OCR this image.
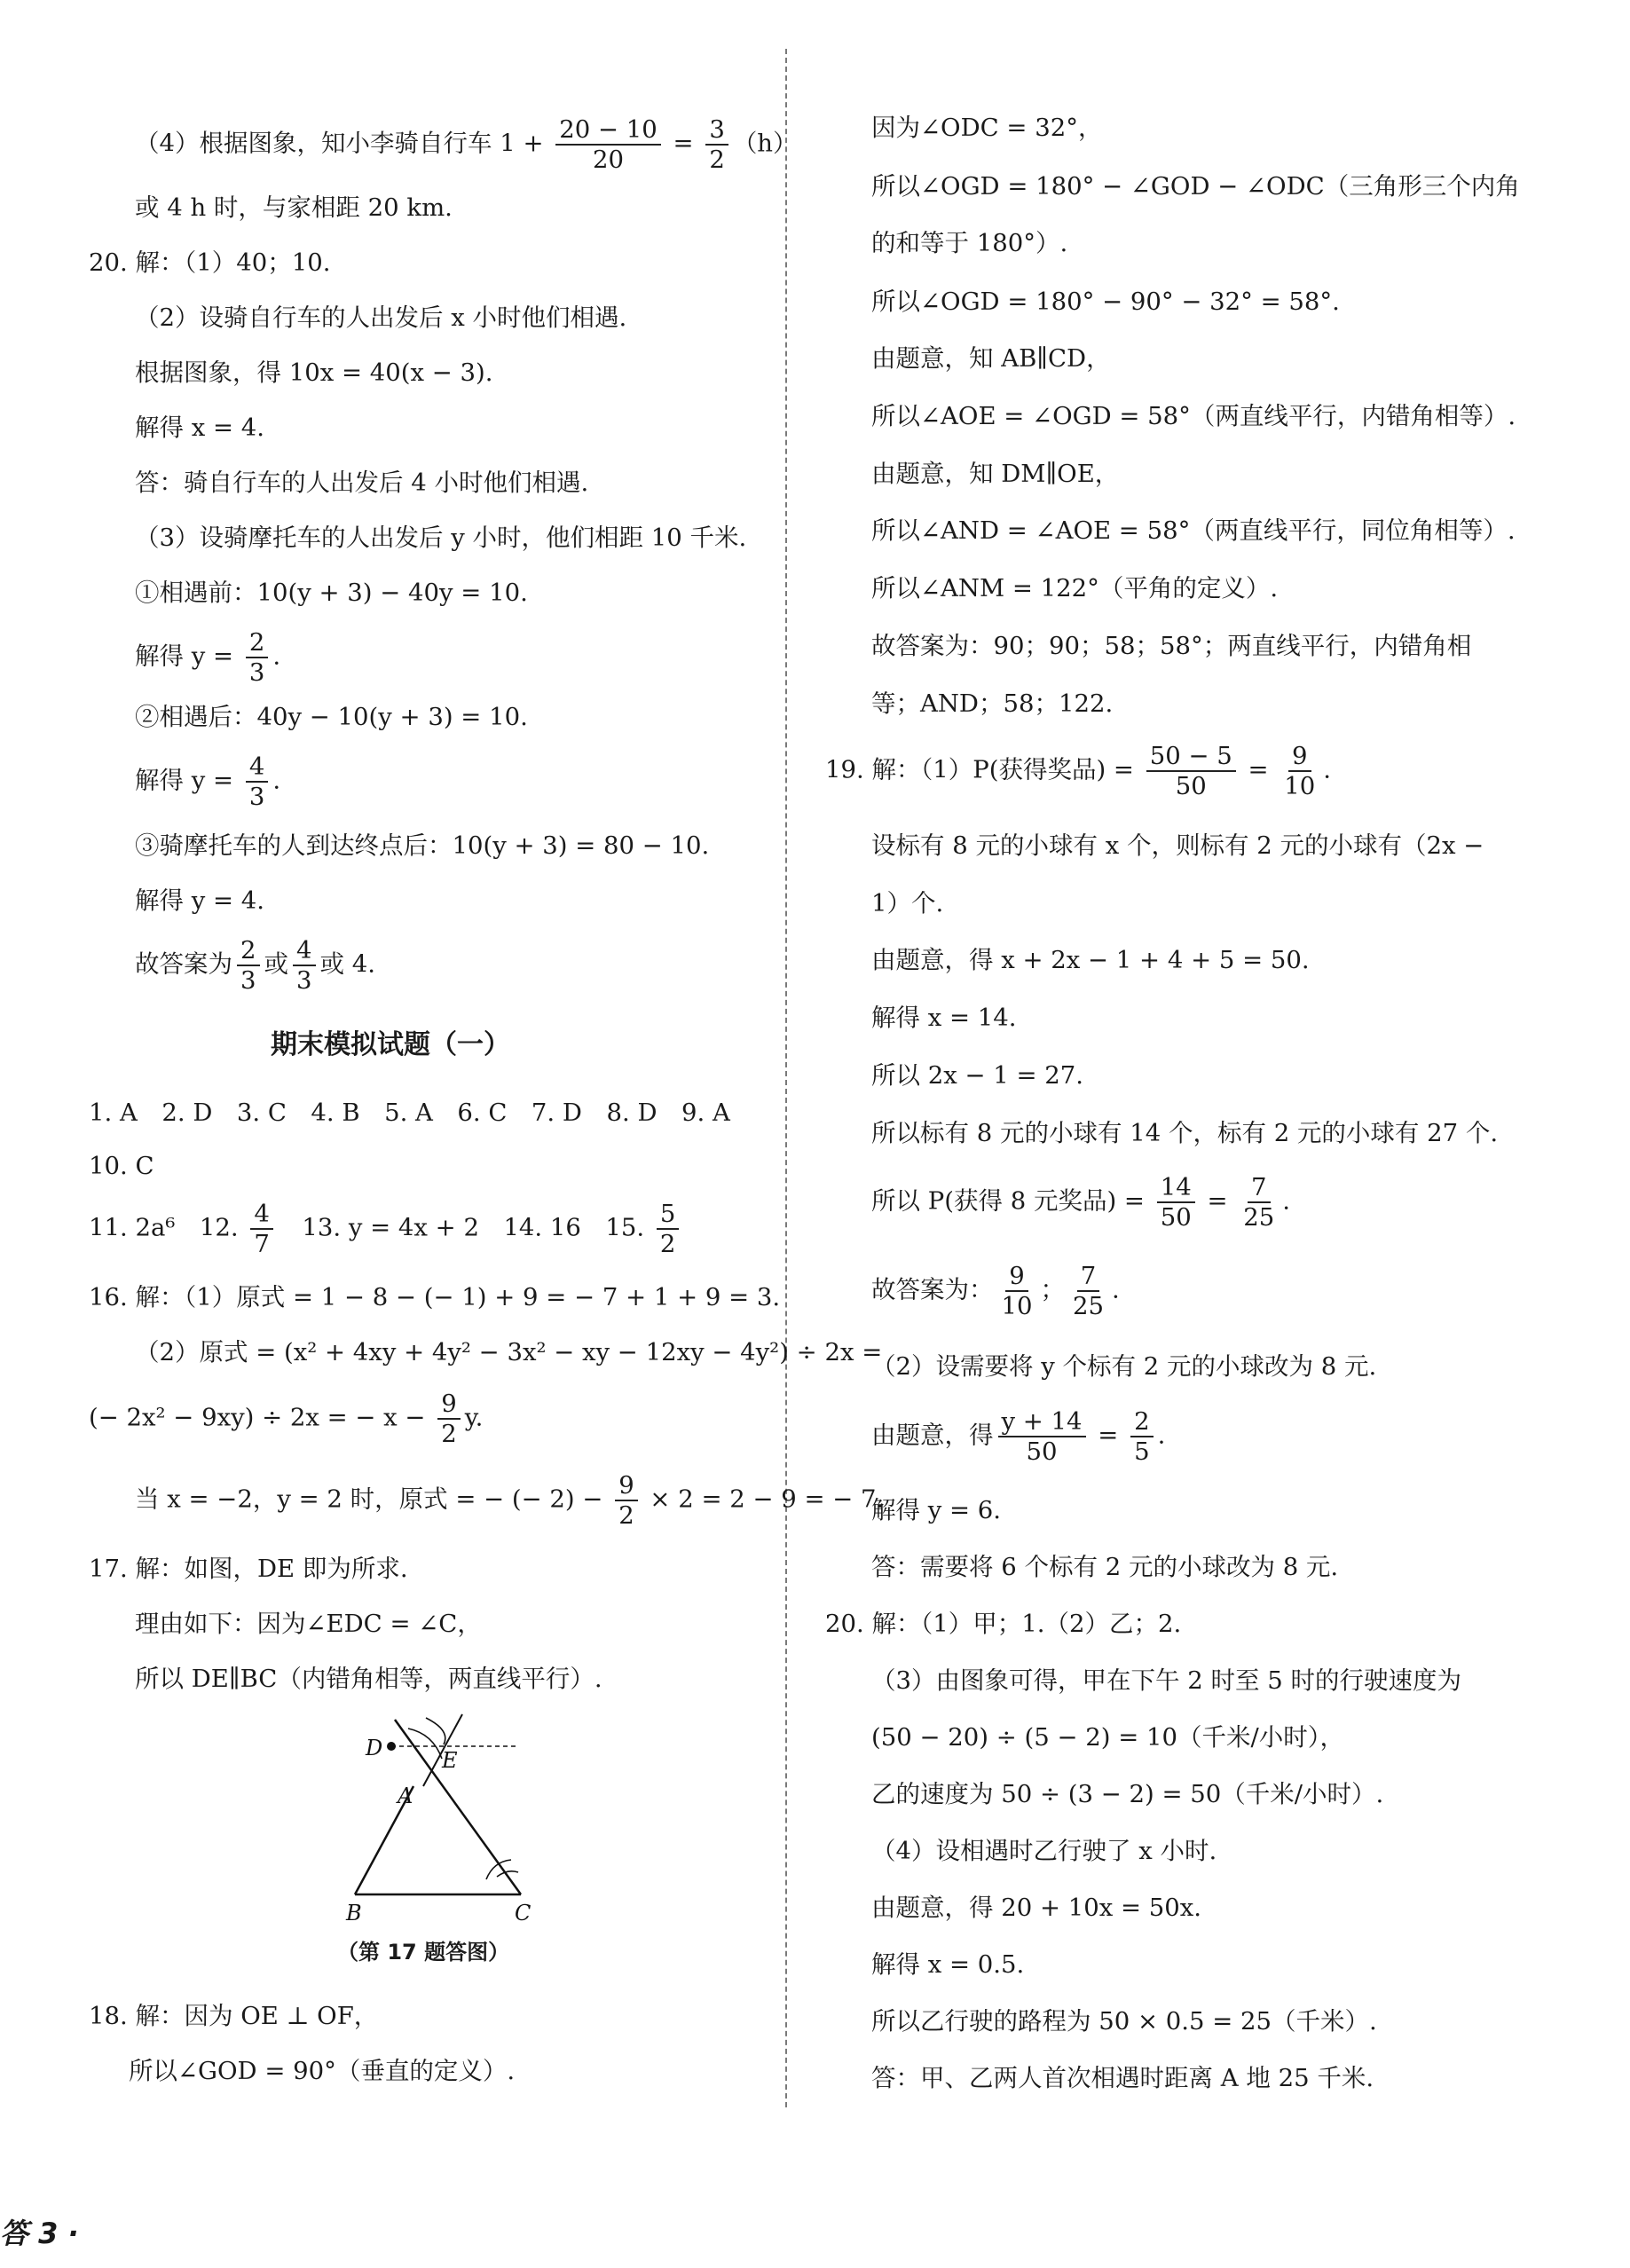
（4）根据图象，知小李骑自行车 $1 + \frac{20 - 10}{20} = \frac{3}{2} (h)$
或 4 h 时，与家相距 20 km.
20. 解：（1）40；10.
（2）设骑自行车的人出发后 x 小时他们相遇.
根据图象，得 10x = 40(x − 3).
解得 x = 4.
答：骑自行车的人出发后 4 小时他们相遇.
（3）设骑摩托车的人出发后 y 小时，他们相距 10 千米.
①相遇前：10(y + 3) − 40y = 10.
解得 $y = \frac{2}{3}$ .
②相遇后：40y − 10(y + 3) = 10.
解得 $y = \frac{4}{3}$ .
③骑摩托车的人到达终点后：10(y + 3) = 80 − 10.
解得 y = 4.
故答案为 $\frac{2}{3}$ 或 $\frac{4}{3}$ 或 4.
期末模拟试题（一）
1. A　2. D　3. C　4. B　5. A　6. C　7. D　8. D　9. A
10. C
11. 2a⁶　12. $\frac{4}{7}$ 　13. y = 4x + 2　14. 16　15. $\frac{5}{2}$
16. 解：（1）原式 = 1 − 8 − (− 1) + 9 = − 7 + 1 + 9 = 3.
（2）原式 = (x² + 4xy + 4y² − 3x² − xy − 12xy − 4y²) ÷ 2x =
(− 2x² − 9xy) ÷ 2x = − $x - \frac{9}{2} y$.
当 x = −2，y = 2 时，原式 = − (− $2) - \frac{9}{2} \times 2 = 2 - 9$ = − 7.
17. 解：如图，DE 即为所求.
理由如下：因为∠EDC = ∠C，
所以 DE∥BC（内错角相等，两直线平行）.
D	E
A
B	C
（第 17 题答图）
18. 解：因为 OE ⊥ OF，
所以∠GOD = 90°（垂直的定义）.
答 3 ·
因为∠ODC = 32°，
所以∠OGD = 180° − ∠GOD − ∠ODC（三角形三个内角
的和等于 180°）.
所以∠OGD = 180° − 90° − 32° = 58°.
由题意，知 AB∥CD，
所以∠AOE = ∠OGD = 58°（两直线平行，内错角相等）.
由题意，知 DM∥OE，
所以∠AND = ∠AOE = 58°（两直线平行，同位角相等）.
所以∠ANM = 122°（平角的定义）.
故答案为：90；90；58；58°；两直线平行，内错角相
等；AND；58；122.
19. 解：（1）P(获得奖品) = $\frac{50 - 5}{50} = \frac{9}{10}$ .
设标有 8 元的小球有 x 个，则标有 2 元的小球有（2x −
1）个.
由题意，得 x + 2x − 1 + 4 + 5 = 50.
解得 x = 14.
所以 2x − 1 = 27.
所以标有 8 元的小球有 14 个，标有 2 元的小球有 27 个.
所以 P(获得 8 元奖品) = $\frac{14}{50} = \frac{7}{25}$ .
故答案为： $\frac{9}{10}$ ； $\frac{7}{25}$ .
（2）设需要将 y 个标有 2 元的小球改为 8 元.
由题意，得 $\frac{y + 14}{50} = \frac{2}{5}$ .
解得 y = 6.
答：需要将 6 个标有 2 元的小球改为 8 元.
20. 解：（1）甲；1.（2）乙；2.
（3）由图象可得，甲在下午 2 时至 5 时的行驶速度为
(50 − 20) ÷ (5 − 2) = 10（千米/小时），
乙的速度为 50 ÷ (3 − 2) = 50（千米/小时）.
（4）设相遇时乙行驶了 x 小时.
由题意，得 20 + 10x = 50x.
解得 x = 0.5.
所以乙行驶的路程为 50 × 0.5 = 25（千米）.
答：甲、乙两人首次相遇时距离 A 地 25 千米.
